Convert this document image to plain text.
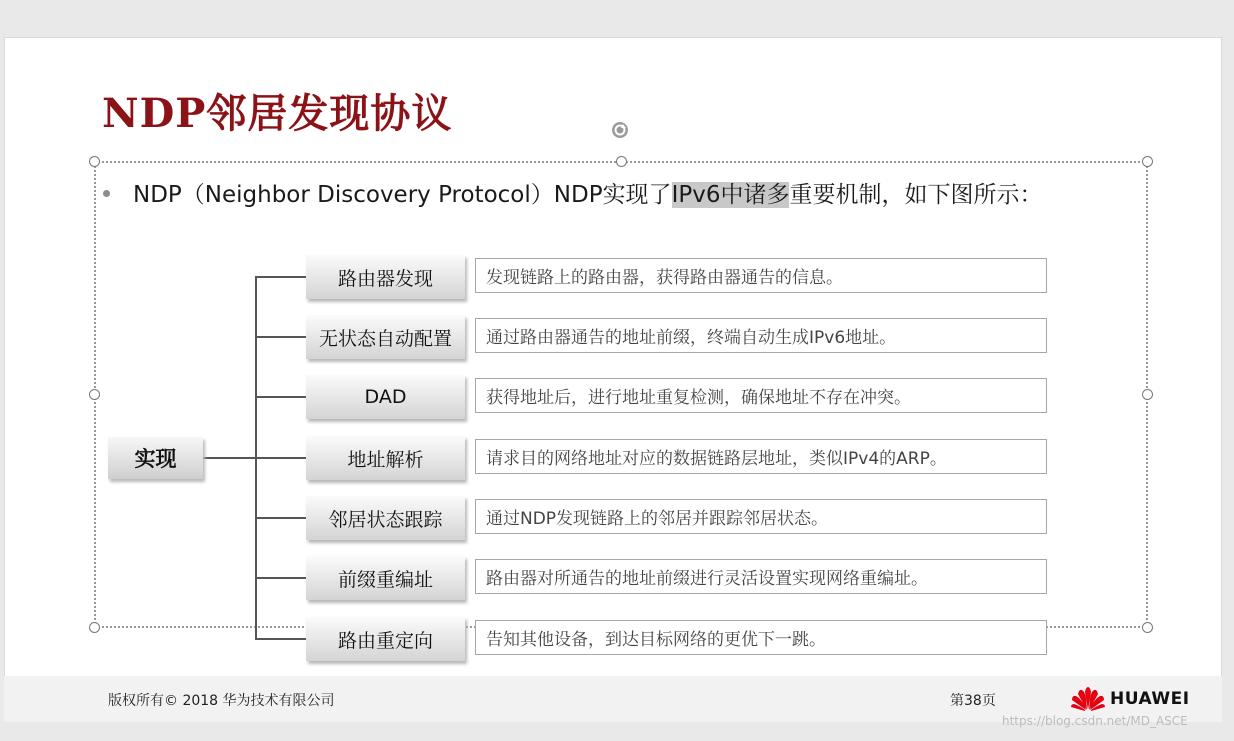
NDP邻居发现协议
NDP（Neighbor Discovery Protocol）NDP实现了IPv6中诸多重要机制，如下图所示：
实现
路由器发现	发现链路上的路由器，获得路由器通告的信息。
无状态自动配置	通过路由器通告的地址前缀，终端自动生成IPv6地址。
DAD	获得地址后，进行地址重复检测，确保地址不存在冲突。
地址解析	请求目的网络地址对应的数据链路层地址，类似IPv4的ARP。
邻居状态跟踪	通过NDP发现链路上的邻居并跟踪邻居状态。
前缀重编址	路由器对所通告的地址前缀进行灵活设置实现网络重编址。
路由重定向	告知其他设备，到达目标网络的更优下一跳。
版权所有© 2018 华为技术有限公司	第38页	HUAWEI
https://blog.csdn.net/MD_ASCE
